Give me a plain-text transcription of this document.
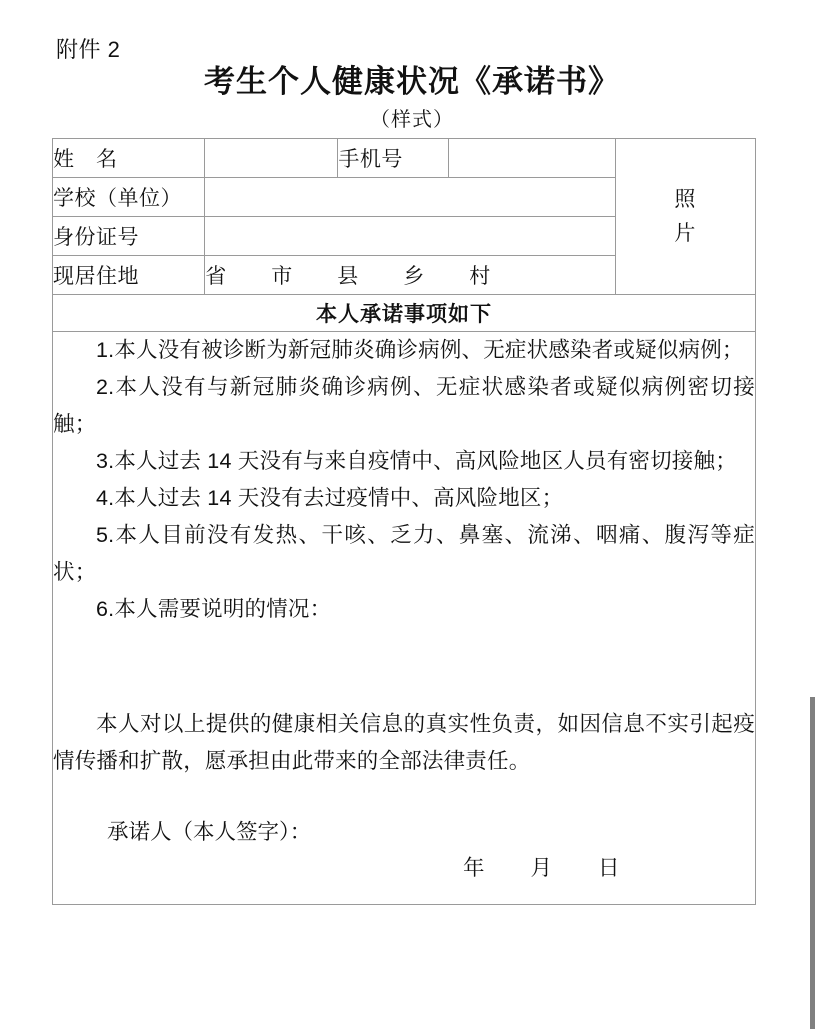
附件 2
考生个人健康状况《承诺书》
（样式）
姓　名		手机号		照
片

学校（单位）				
身份证号				
现居住地	省　　市　　县　　乡　　村			
本人承诺事项如下				

1.本人没有被诊断为新冠肺炎确诊病例、无症状感染者或疑似病例；

2.本人没有与新冠肺炎确诊病例、无症状感染者或疑似病例密切接触；

3.本人过去 14 天没有与来自疫情中、高风险地区人员有密切接触；

4.本人过去 14 天没有去过疫情中、高风险地区；

5.本人目前没有发热、干咳、乏力、鼻塞、流涕、咽痛、腹泻等症状；

6.本人需要说明的情况：

本人对以上提供的健康相关信息的真实性负责，如因信息不实引起疫情传播和扩散，愿承担由此带来的全部法律责任。

承诺人（本人签字）：

年　　月　　日
